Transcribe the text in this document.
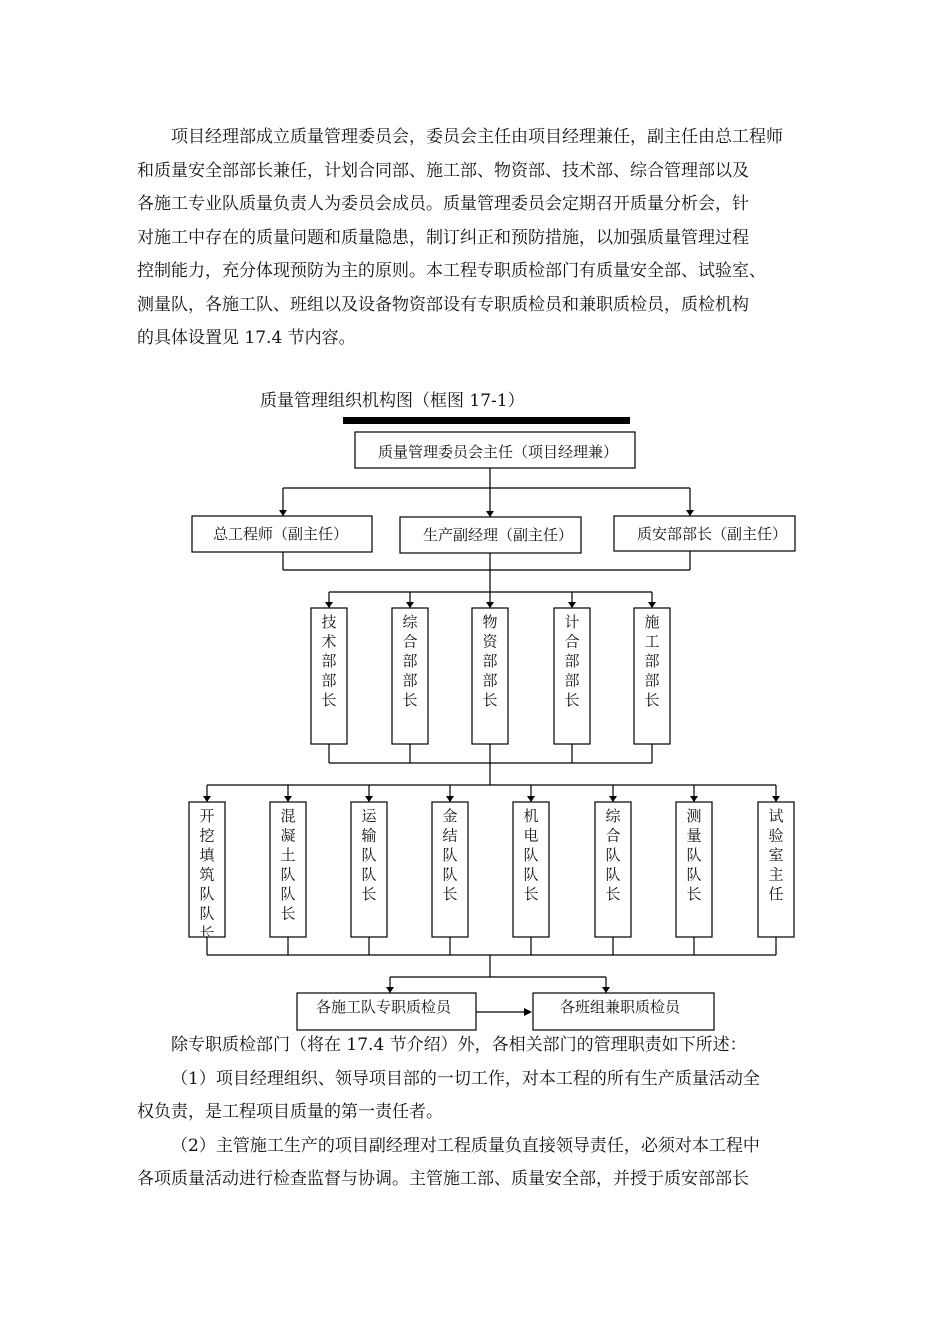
项目经理部成立质量管理委员会，委员会主任由项目经理兼任，副主任由总工程师
和质量安全部部长兼任，计划合同部、施工部、物资部、技术部、综合管理部以及
各施工专业队质量负责人为委员会成员。质量管理委员会定期召开质量分析会，针
对施工中存在的质量问题和质量隐患，制订纠正和预防措施，以加强质量管理过程
控制能力，充分体现预防为主的原则。本工程专职质检部门有质量安全部、试验室、
测量队，各施工队、班组以及设备物资部设有专职质检员和兼职质检员，质检机构
的具体设置见 17.4 节内容。

质量管理组织机构图（框图 17-1）
质量管理委员会主任（项目经理兼）
总工程师（副主任）	生产副经理（副主任）	质安部部长（副主任）
技术部部长
综合部部长
物资部部长
计合部部长
施工部部长
开挖填筑队队长
混凝土队队长
运输队队长
金结队队长
机电队队长
综合队队长
测量队队长
试验室主任
各施工队专职质检员	各班组兼职质检员

除专职质检部门（将在 17.4 节介绍）外，各相关部门的管理职责如下所述：
（1）项目经理组织、领导项目部的一切工作，对本工程的所有生产质量活动全
权负责，是工程项目质量的第一责任者。
（2）主管施工生产的项目副经理对工程质量负直接领导责任，必须对本工程中
各项质量活动进行检查监督与协调。主管施工部、质量安全部，并授于质安部部长
